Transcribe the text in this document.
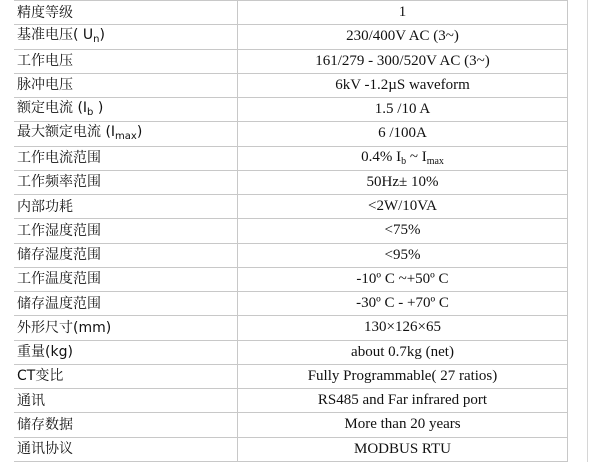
精度等级	1
基准电压( $U_n$)	230/400V AC (3~)
工作电压	161/279 - 300/520V AC (3~)
脉冲电压	6kV -1.2µS waveform
额定电流 ($I_b$ )	1.5 /10 A
最大额定电流 $(I_{max})$	6 /100A
工作电流范围	0.4% $I_b$ ~ $I_{max}$
工作频率范围	50Hz± 10%
内部功耗	<2W/10VA
工作湿度范围	<75%
储存湿度范围	<95%
工作温度范围	-10º C ~+50º C
储存温度范围	-30º C - +70º C
外形尺寸(mm)	130×126×65
重量(kg)	about 0.7kg (net)
CT变比	Fully Programmable( 27 ratios)
通讯	RS485 and Far infrared port
储存数据	More than 20 years
通讯协议	MODBUS RTU
